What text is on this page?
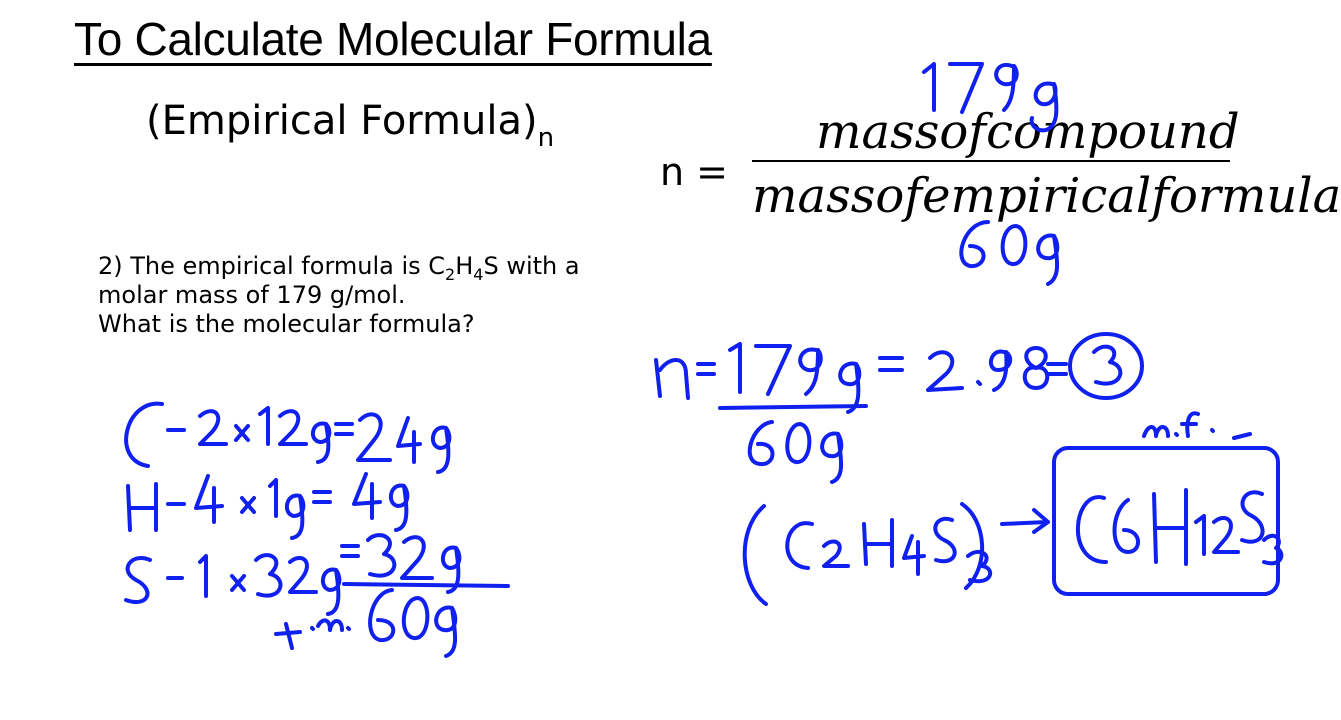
To Calculate Molecular Formula
(Empirical $Formula)_n$
n =
massofcompound
massofempiricalformula
2) The empirical formula is $C_2H_4S$ with a
molar mass of 179 g/mol.
What is the molecular formula?
